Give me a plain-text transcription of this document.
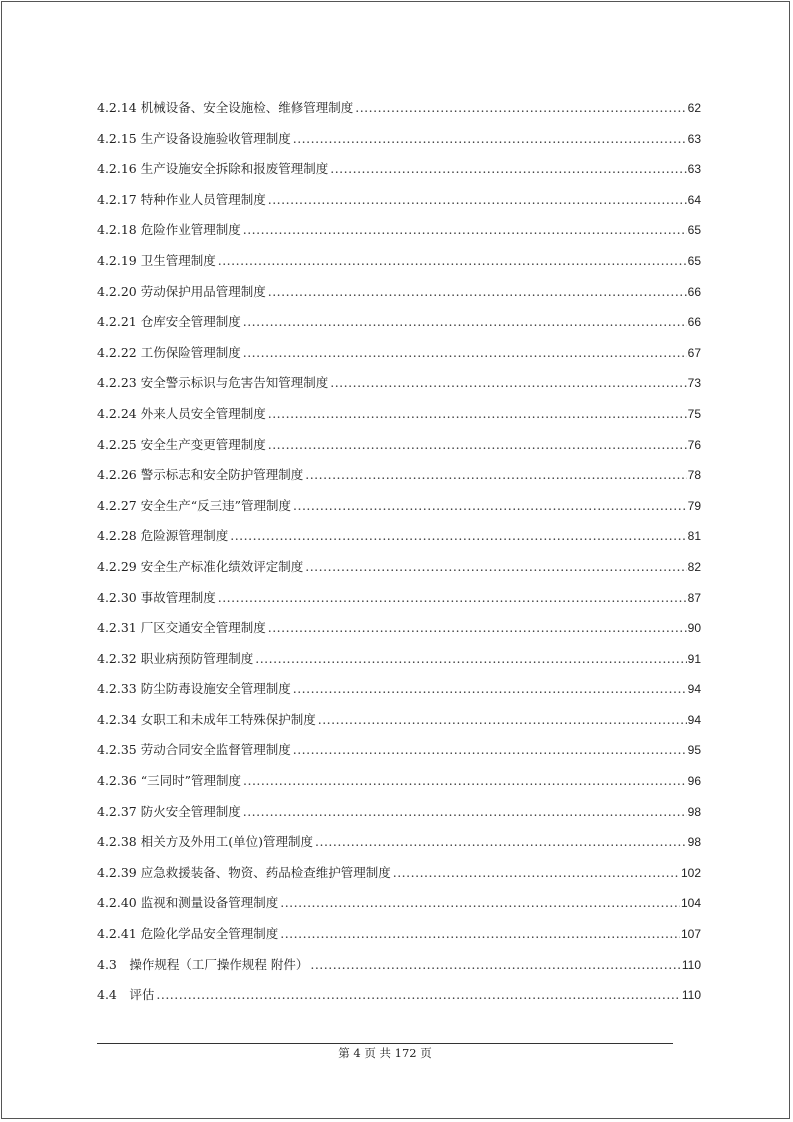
4.2.14 机械设备、安全设施检、维修管理制度 .....	62
4.2.15 生产设备设施验收管理制度 .....	63
4.2.16 生产设施安全拆除和报废管理制度 .....	63
4.2.17 特种作业人员管理制度 .....	64
4.2.18 危险作业管理制度 .....	65
4.2.19 卫生管理制度 .....	65
4.2.20 劳动保护用品管理制度 .....	66
4.2.21 仓库安全管理制度 .....	66
4.2.22 工伤保险管理制度 .....	67
4.2.23 安全警示标识与危害告知管理制度 .....	73
4.2.24 外来人员安全管理制度 .....	75
4.2.25 安全生产变更管理制度 .....	76
4.2.26 警示标志和安全防护管理制度 .....	78
4.2.27 安全生产“反三违”管理制度 .....	79
4.2.28 危险源管理制度 .....	81
4.2.29 安全生产标准化绩效评定制度 .....	82
4.2.30 事故管理制度 .....	87
4.2.31 厂区交通安全管理制度 .....	90
4.2.32 职业病预防管理制度 .....	91
4.2.33 防尘防毒设施安全管理制度 .....	94
4.2.34 女职工和未成年工特殊保护制度 .....	94
4.2.35 劳动合同安全监督管理制度 .....	95
4.2.36 “三同时”管理制度 .....	96
4.2.37 防火安全管理制度 .....	98
4.2.38 相关方及外用工(单位)管理制度 .....	98
4.2.39 应急救援装备、物资、药品检查维护管理制度 .....	102
4.2.40 监视和测量设备管理制度 .....	104
4.2.41 危险化学品安全管理制度 .....	107
4.3　操作规程（工厂操作规程 附件） .....	110
4.4　评估 .....	110
第 4 页 共 172 页
